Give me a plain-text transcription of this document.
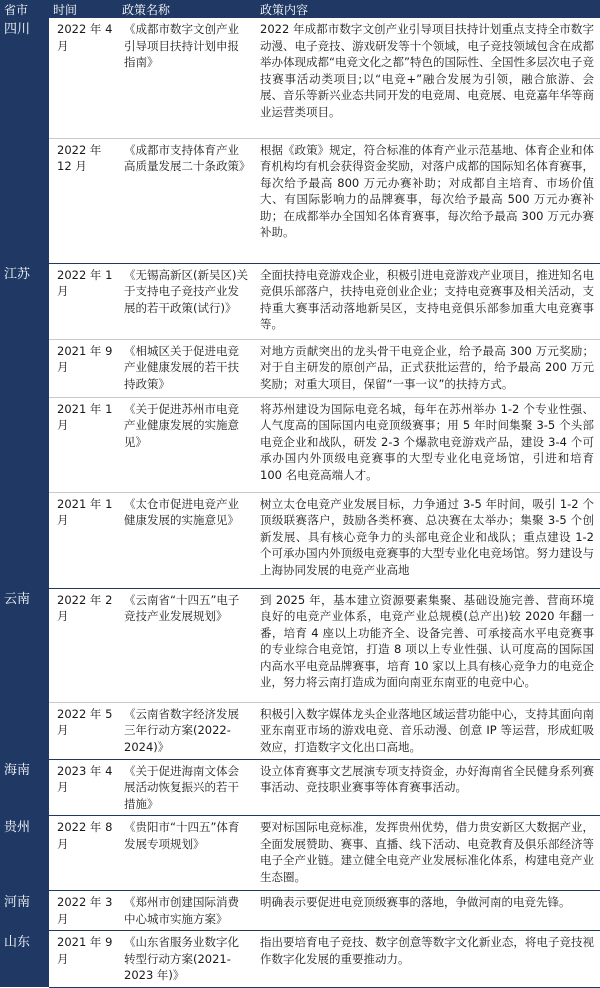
省市	时间	政策名称	政策内容
四川	2022 年 4 月	《成都市数字文创产业引导项目扶持计划申报指南》	2022 年成都市数字文创产业引导项目扶持计划重点支持全市数字动漫、电子竞技、游戏研发等十个领域，电子竞技领域包含在成都举办体现成都“电竞文化之都”特色的国际性、全国性多层次电子竞技赛事活动类项目;以“电竞+”融合发展为引领，融合旅游、会展、音乐等新兴业态共同开发的电竞周、电竞展、电竞嘉年华等商业运营类项目。
	2022 年 12 月	《成都市支持体育产业高质量发展二十条政策》	根据《政策》规定，符合标准的体育产业示范基地、体育企业和体育机构均有机会获得资金奖励，对落户成都的国际知名体育赛事，每次给予最高 800 万元办赛补助；对成都自主培育、市场价值大、有国际影响力的品牌赛事，每次给予最高 500 万元办赛补助；在成都举办全国知名体育赛事，每次给予最高 300 万元办赛补助。
江苏	2022 年 1 月	《无锡高新区(新吴区)关于支持电子竞技产业发展的若干政策(试行)》	全面扶持电竞游戏企业，积极引进电竞游戏产业项目，推进知名电竞俱乐部落户，扶持电竞创业企业；支持电竞赛事及相关活动，支持重大赛事活动落地新吴区，支持电竞俱乐部参加重大电竞赛事等。
	2021 年 9 月	《相城区关于促进电竞产业健康发展的若干扶持政策》	对地方贡献突出的龙头骨干电竞企业，给予最高 300 万元奖励；对于自主研发的原创产品，正式获批运营的，给予最高 200 万元奖励；对重大项目，保留“一事一议”的扶持方式。
	2021 年 1 月	《关于促进苏州市电竞产业健康发展的实施意见》	将苏州建设为国际电竞名城，每年在苏州举办 1-2 个专业性强、人气度高的国际国内电竞顶级赛事；用 5 年时间集聚 3-5 个头部电竞企业和战队，研发 2-3 个爆款电竞游戏产品，建设 3-4 个可承办国内外顶级电竞赛事的大型专业化电竞场馆，引进和培育 100 名电竞高端人才。
	2021 年 1 月	《太仓市促进电竞产业健康发展的实施意见》	树立太仓电竞产业发展目标，力争通过 3-5 年时间，吸引 1-2 个顶级联赛落户，鼓励各类杯赛、总决赛在太举办；集聚 3-5 个创新发展、具有核心竞争力的头部电竞企业和战队；重点建设 1-2 个可承办国内外顶级电竞赛事的大型专业化电竞场馆。努力建设与上海协同发展的电竞产业高地
云南	2022 年 2 月	《云南省“十四五”电子竞技产业发展规划》	到 2025 年，基本建立资源要素集聚、基础设施完善、营商环境良好的电竞产业体系，电竞产业总规模(总产出)较 2020 年翻一番，培育 4 座以上功能齐全、设备完善、可承接高水平电竞赛事的专业综合电竞馆，打造 8 项以上专业性强、认可度高的国际国内高水平电竞品牌赛事，培育 10 家以上具有核心竞争力的电竞企业，努力将云南打造成为面向南亚东南亚的电竞中心。
	2022 年 5 月	《云南省数字经济发展三年行动方案(2022-2024)》	积极引入数字媒体龙头企业落地区域运营功能中心，支持其面向南亚东南亚市场的游戏电竞、音乐动漫、创意 IP 等运营，形成虹吸效应，打造数字文化出口高地。
海南	2023 年 4 月	《关于促进海南文体会展活动恢复振兴的若干措施》	设立体育赛事文艺展演专项支持资金，办好海南省全民健身系列赛事活动、竞技职业赛事等体育赛事活动。
贵州	2022 年 8 月	《贵阳市“十四五”体育发展专项规划》	要对标国际电竞标准，发挥贵州优势，借力贵安新区大数据产业，全面发展赞助、赛事、直播、线下活动、电竞教育及俱乐部经济等电子全产业链。建立健全电竞产业发展标准化体系，构建电竞产业生态圈。
河南	2022 年 3 月	《郑州市创建国际消费中心城市实施方案》	明确表示要促进电竞顶级赛事的落地，争做河南的电竞先锋。
山东	2021 年 9 月	《山东省服务业数字化转型行动方案(2021-2023 年)》	指出要培育电子竞技、数字创意等数字文化新业态，将电子竞技视作数字化发展的重要推动力。
